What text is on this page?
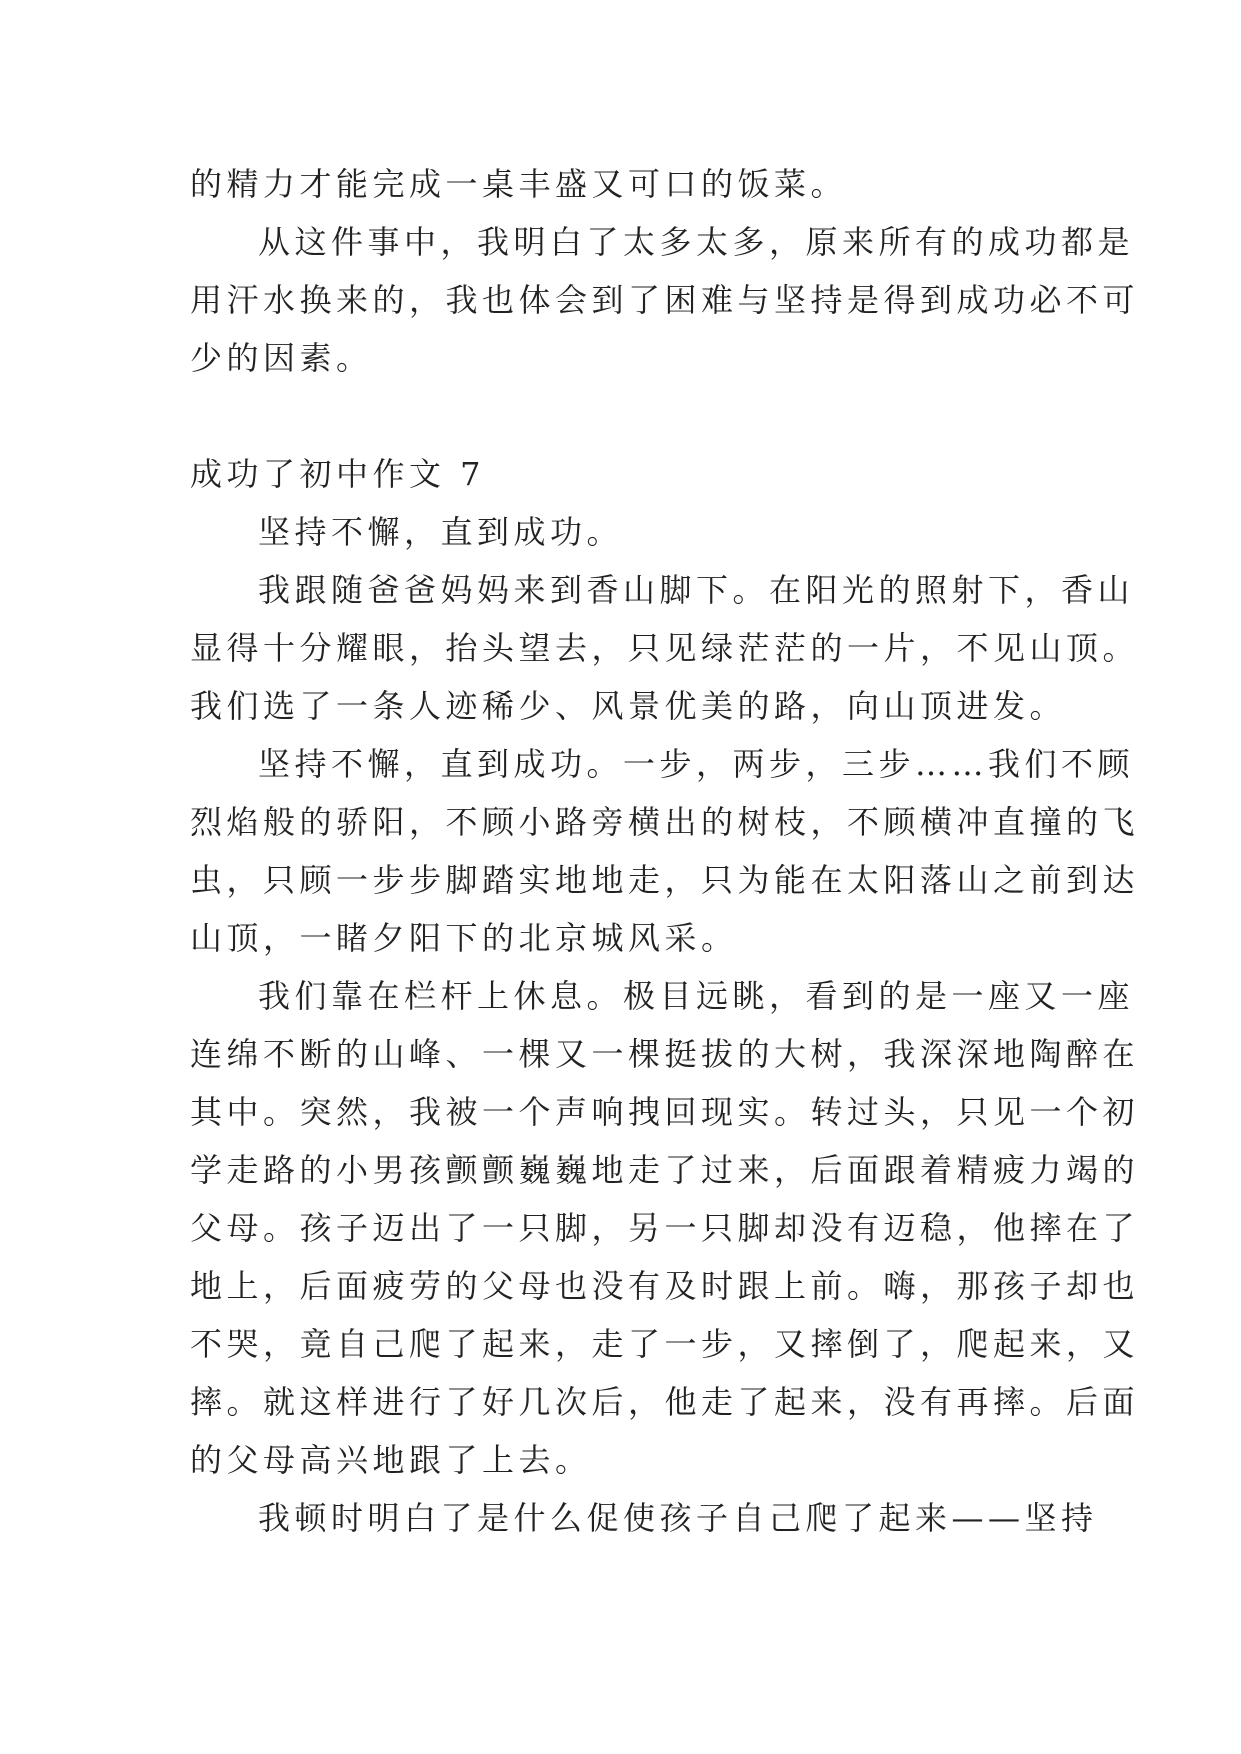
的精力才能完成一桌丰盛又可口的饭菜。
从这件事中，我明白了太多太多，原来所有的成功都是
用汗水换来的，我也体会到了困难与坚持是得到成功必不可
少的因素。
成功了初中作文 7
坚持不懈，直到成功。
我跟随爸爸妈妈来到香山脚下。在阳光的照射下，香山
显得十分耀眼，抬头望去，只见绿茫茫的一片，不见山顶。
我们选了一条人迹稀少、风景优美的路，向山顶进发。
坚持不懈，直到成功。一步，两步，三步……我们不顾
烈焰般的骄阳，不顾小路旁横出的树枝，不顾横冲直撞的飞
虫，只顾一步步脚踏实地地走，只为能在太阳落山之前到达
山顶，一睹夕阳下的北京城风采。
我们靠在栏杆上休息。极目远眺，看到的是一座又一座
连绵不断的山峰、一棵又一棵挺拔的大树，我深深地陶醉在
其中。突然，我被一个声响拽回现实。转过头，只见一个初
学走路的小男孩颤颤巍巍地走了过来，后面跟着精疲力竭的
父母。孩子迈出了一只脚，另一只脚却没有迈稳，他摔在了
地上，后面疲劳的父母也没有及时跟上前。嗨，那孩子却也
不哭，竟自己爬了起来，走了一步，又摔倒了，爬起来，又
摔。就这样进行了好几次后，他走了起来，没有再摔。后面
的父母高兴地跟了上去。
我顿时明白了是什么促使孩子自己爬了起来——坚持
